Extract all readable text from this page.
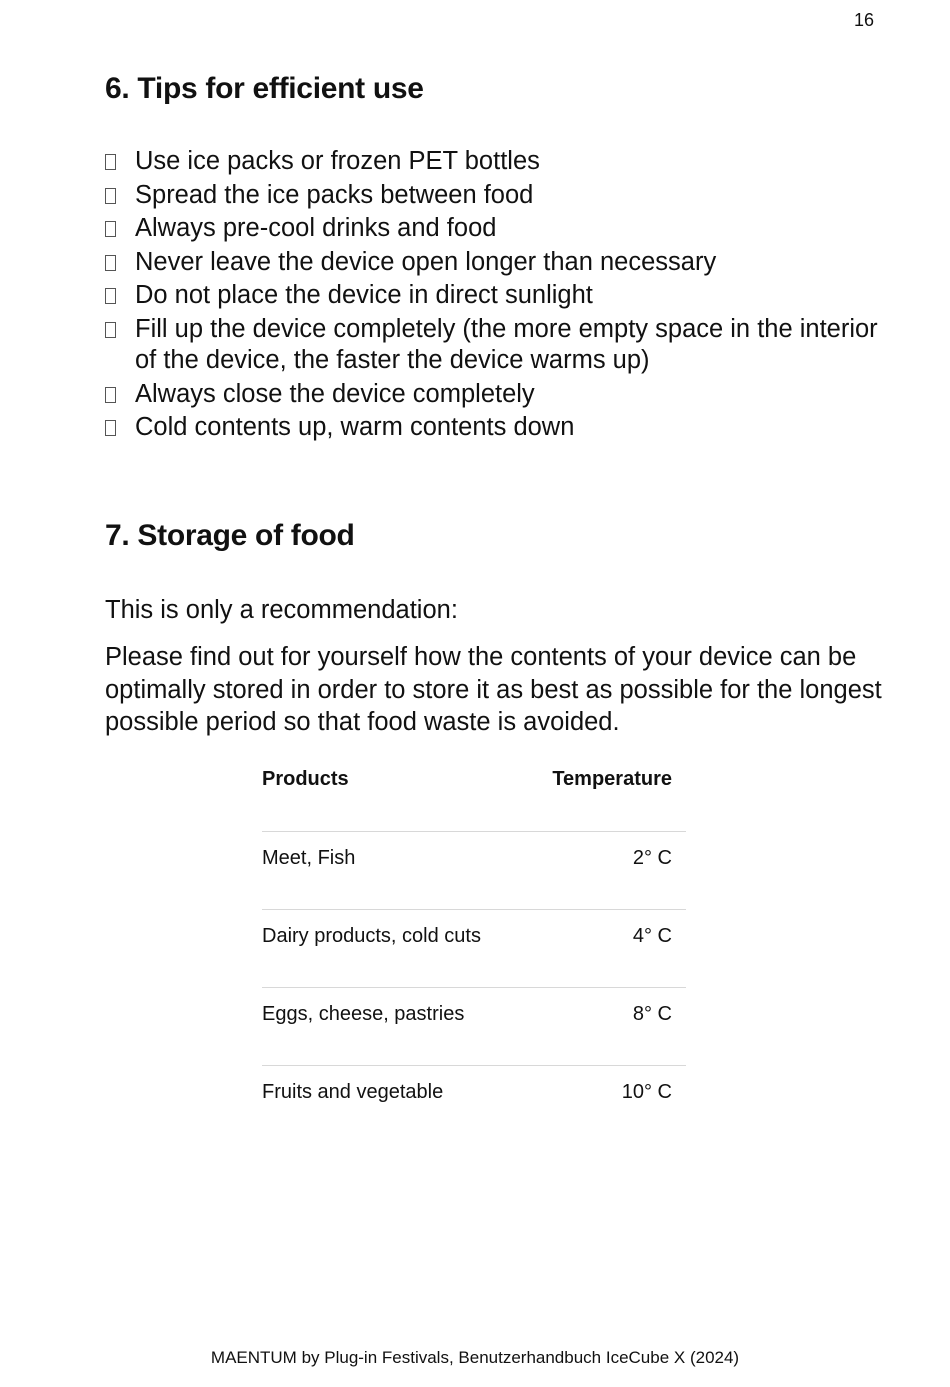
16
6. Tips for efficient use
Use ice packs or frozen PET bottles
Spread the ice packs between food
Always pre-cool drinks and food
Never leave the device open longer than necessary
Do not place the device in direct sunlight
Fill up the device completely (the more empty space in the interior of the device, the faster the device warms up)
Always close the device completely
Cold contents up, warm contents down
7. Storage of food

This is only a recommendation:

Please find out for yourself how the contents of your device can be optimally stored in order to store it as best as possible for the longest possible period so that food waste is avoided.

Products	Temperature
Meet, Fish	2° C
Dairy products, cold cuts	4° C
Eggs, cheese, pastries	8° C
Fruits and vegetable	10° C
MAENTUM by Plug-in Festivals, Benutzerhandbuch IceCube X (2024)
